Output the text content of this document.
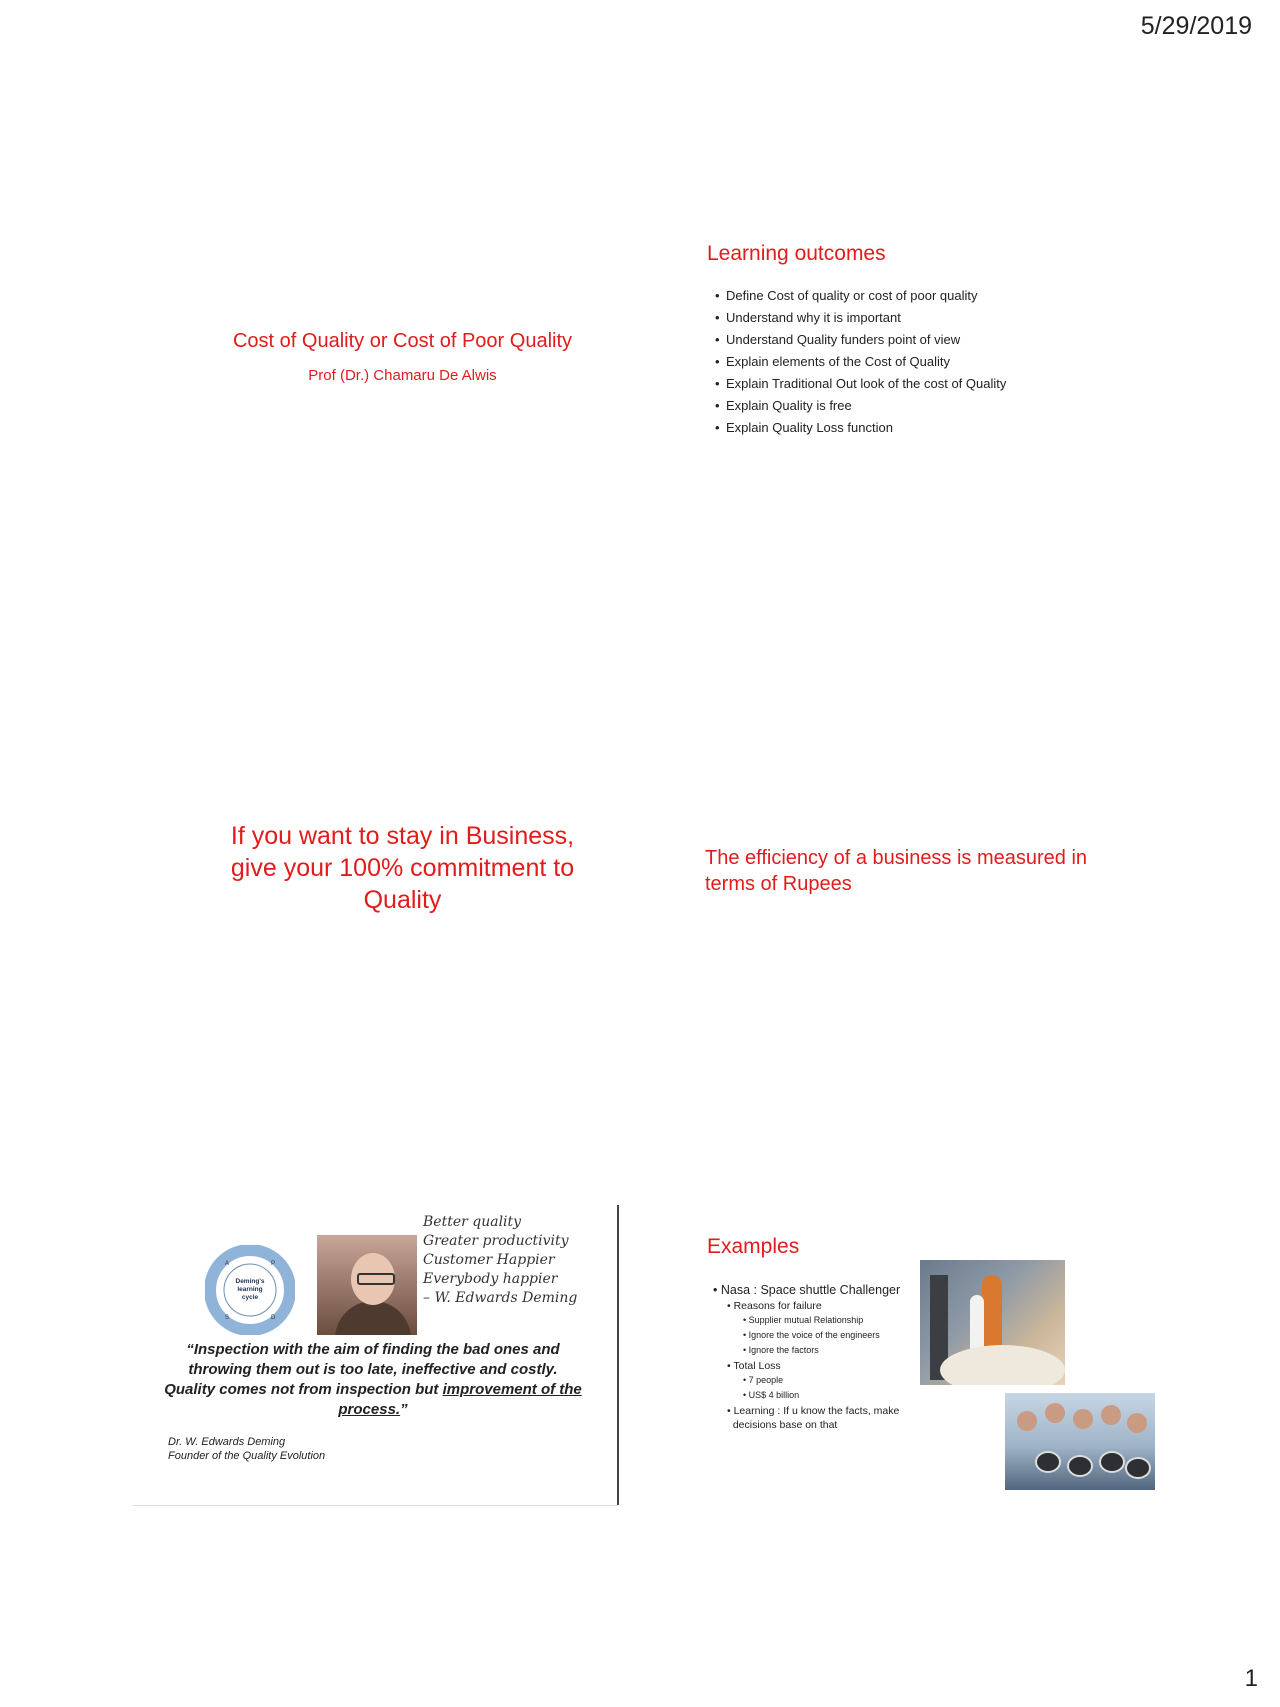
5/29/2019
Cost of Quality or Cost of Poor Quality
Prof (Dr.) Chamaru De Alwis
Learning outcomes
• Define Cost of quality or cost of poor quality
• Understand why it is important
• Understand Quality funders point of view
• Explain elements of the Cost of Quality
• Explain Traditional Out look of the cost of Quality
• Explain Quality is free
• Explain Quality Loss function
If you want to stay in Business,
give your 100% commitment to
Quality
The efficiency of a business is measured in
terms of Rupees
Deming's
learning
cycle
A	P
S	D
Better quality
Greater productivity
Customer Happier
Everybody happier
– W. Edwards Deming
“Inspection with the aim of finding the bad ones and throwing them out is too late, ineffective and costly. Quality comes not from inspection but improvement of the process.”
Dr. W. Edwards Deming
Founder of the Quality Evolution
Examples
• Nasa : Space shuttle Challenger
• Reasons for failure
• Supplier mutual Relationship
• Ignore the voice of the engineers
• Ignore the factors
• Total Loss
• 7 people
• US$ 4 billion
• Learning : If u know the facts, make
decisions base on that
1
